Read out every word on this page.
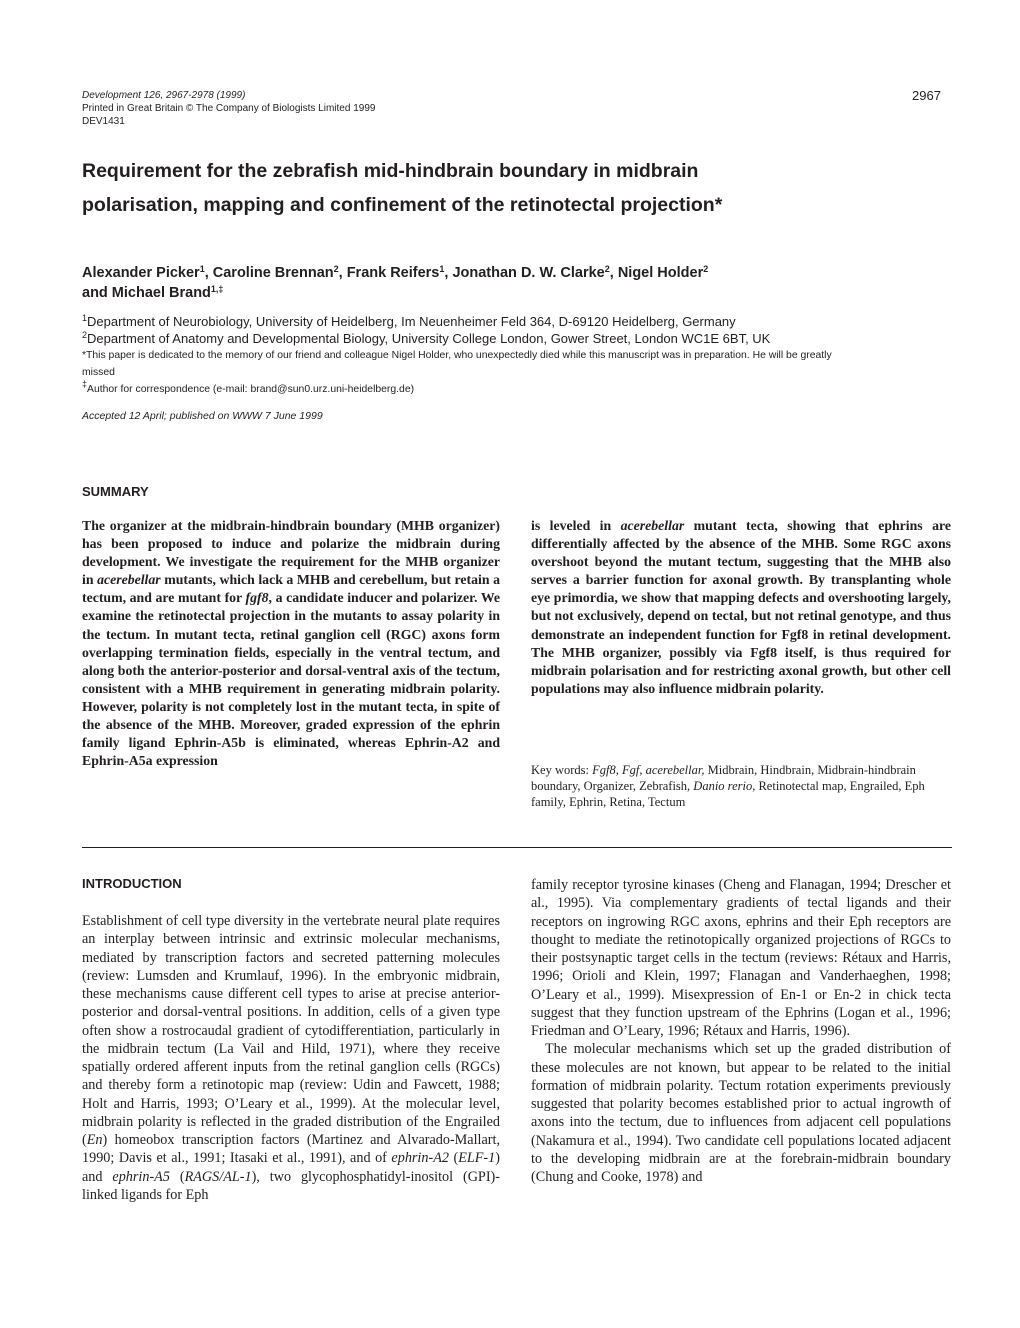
Development 126, 2967-2978 (1999)
Printed in Great Britain © The Company of Biologists Limited 1999
DEV1431
2967
Requirement for the zebrafish mid-hindbrain boundary in midbrain
polarisation, mapping and confinement of the retinotectal projection*
Alexander Picker$^1$, Caroline Brennan$^2$, Frank Reifers$^1$, Jonathan D. W. Clarke$^2$, Nigel Holder$^2$
and Michael Brand$^{1,\ddagger}$
$^1$Department of Neurobiology, University of Heidelberg, Im Neuenheimer Feld 364, D-69120 Heidelberg, Germany
$^2$Department of Anatomy and Developmental Biology, University College London, Gower Street, London WC1E 6BT, UK
*This paper is dedicated to the memory of our friend and colleague Nigel Holder, who unexpectedly died while this manuscript was in preparation. He will be greatly
missed
‡Author for correspondence (e-mail: brand@sun0.urz.uni-heidelberg.de)
Accepted 12 April; published on WWW 7 June 1999
SUMMARY

The organizer at the midbrain-hindbrain boundary (MHB organizer) has been proposed to induce and polarize the midbrain during development. We investigate the requirement for the MHB organizer in acerebellar mutants, which lack a MHB and cerebellum, but retain a tectum, and are mutant for fgf8, a candidate inducer and polarizer. We examine the retinotectal projection in the mutants to assay polarity in the tectum. In mutant tecta, retinal ganglion cell (RGC) axons form overlapping termination fields, especially in the ventral tectum, and along both the anterior-posterior and dorsal-ventral axis of the tectum, consistent with a MHB requirement in generating midbrain polarity. However, polarity is not completely lost in the mutant tecta, in spite of the absence of the MHB. Moreover, graded expression of the ephrin family ligand Ephrin-A5b is eliminated, whereas Ephrin-A2 and Ephrin-A5a expression

is leveled in acerebellar mutant tecta, showing that ephrins are differentially affected by the absence of the MHB. Some RGC axons overshoot beyond the mutant tectum, suggesting that the MHB also serves a barrier function for axonal growth. By transplanting whole eye primordia, we show that mapping defects and overshooting largely, but not exclusively, depend on tectal, but not retinal genotype, and thus demonstrate an independent function for Fgf8 in retinal development. The MHB organizer, possibly via Fgf8 itself, is thus required for midbrain polarisation and for restricting axonal growth, but other cell populations may also influence midbrain polarity.

Key words: Fgf8, Fgf, acerebellar, Midbrain, Hindbrain, Midbrain-hindbrain boundary, Organizer, Zebrafish, Danio rerio, Retinotectal map, Engrailed, Eph family, Ephrin, Retina, Tectum
INTRODUCTION

Establishment of cell type diversity in the vertebrate neural plate requires an interplay between intrinsic and extrinsic molecular mechanisms, mediated by transcription factors and secreted patterning molecules (review: Lumsden and Krumlauf, 1996). In the embryonic midbrain, these mechanisms cause different cell types to arise at precise anterior-posterior and dorsal-ventral positions. In addition, cells of a given type often show a rostrocaudal gradient of cytodifferentiation, particularly in the midbrain tectum (La Vail and Hild, 1971), where they receive spatially ordered afferent inputs from the retinal ganglion cells (RGCs) and thereby form a retinotopic map (review: Udin and Fawcett, 1988; Holt and Harris, 1993; O’Leary et al., 1999). At the molecular level, midbrain polarity is reflected in the graded distribution of the Engrailed (En) homeobox transcription factors (Martinez and Alvarado-Mallart, 1990; Davis et al., 1991; Itasaki et al., 1991), and of ephrin-A2 (ELF-1) and ephrin-A5 (RAGS/AL-1), two glycophosphatidyl-inositol (GPI)-linked ligands for Eph

family receptor tyrosine kinases (Cheng and Flanagan, 1994; Drescher et al., 1995). Via complementary gradients of tectal ligands and their receptors on ingrowing RGC axons, ephrins and their Eph receptors are thought to mediate the retinotopically organized projections of RGCs to their postsynaptic target cells in the tectum (reviews: Rétaux and Harris, 1996; Orioli and Klein, 1997; Flanagan and Vanderhaeghen, 1998; O’Leary et al., 1999). Misexpression of En-1 or En-2 in chick tecta suggest that they function upstream of the Ephrins (Logan et al., 1996; Friedman and O’Leary, 1996; Rétaux and Harris, 1996).

The molecular mechanisms which set up the graded distribution of these molecules are not known, but appear to be related to the initial formation of midbrain polarity. Tectum rotation experiments previously suggested that polarity becomes established prior to actual ingrowth of axons into the tectum, due to influences from adjacent cell populations (Nakamura et al., 1994). Two candidate cell populations located adjacent to the developing midbrain are at the forebrain-midbrain boundary (Chung and Cooke, 1978) and
